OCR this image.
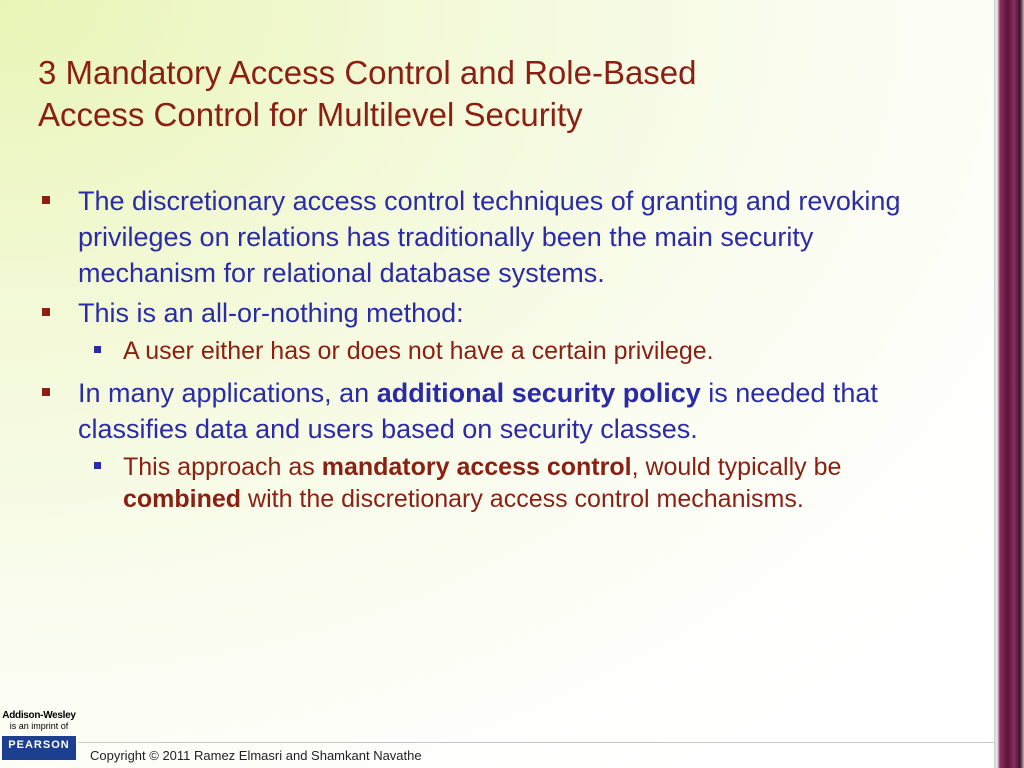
3 Mandatory Access Control and Role-Based
Access Control for Multilevel Security
The discretionary access control techniques of granting and revoking privileges on relations has traditionally been the main security mechanism for relational database systems.
This is an all-or-nothing method:
A user either has or does not have a certain privilege.
In many applications, an additional security policy is needed that classifies data and users based on security classes.
This approach as mandatory access control, would typically be combined with the discretionary access control mechanisms.
Addison-Wesley
is an imprint of
PEARSON
Copyright © 2011 Ramez Elmasri and Shamkant Navathe
